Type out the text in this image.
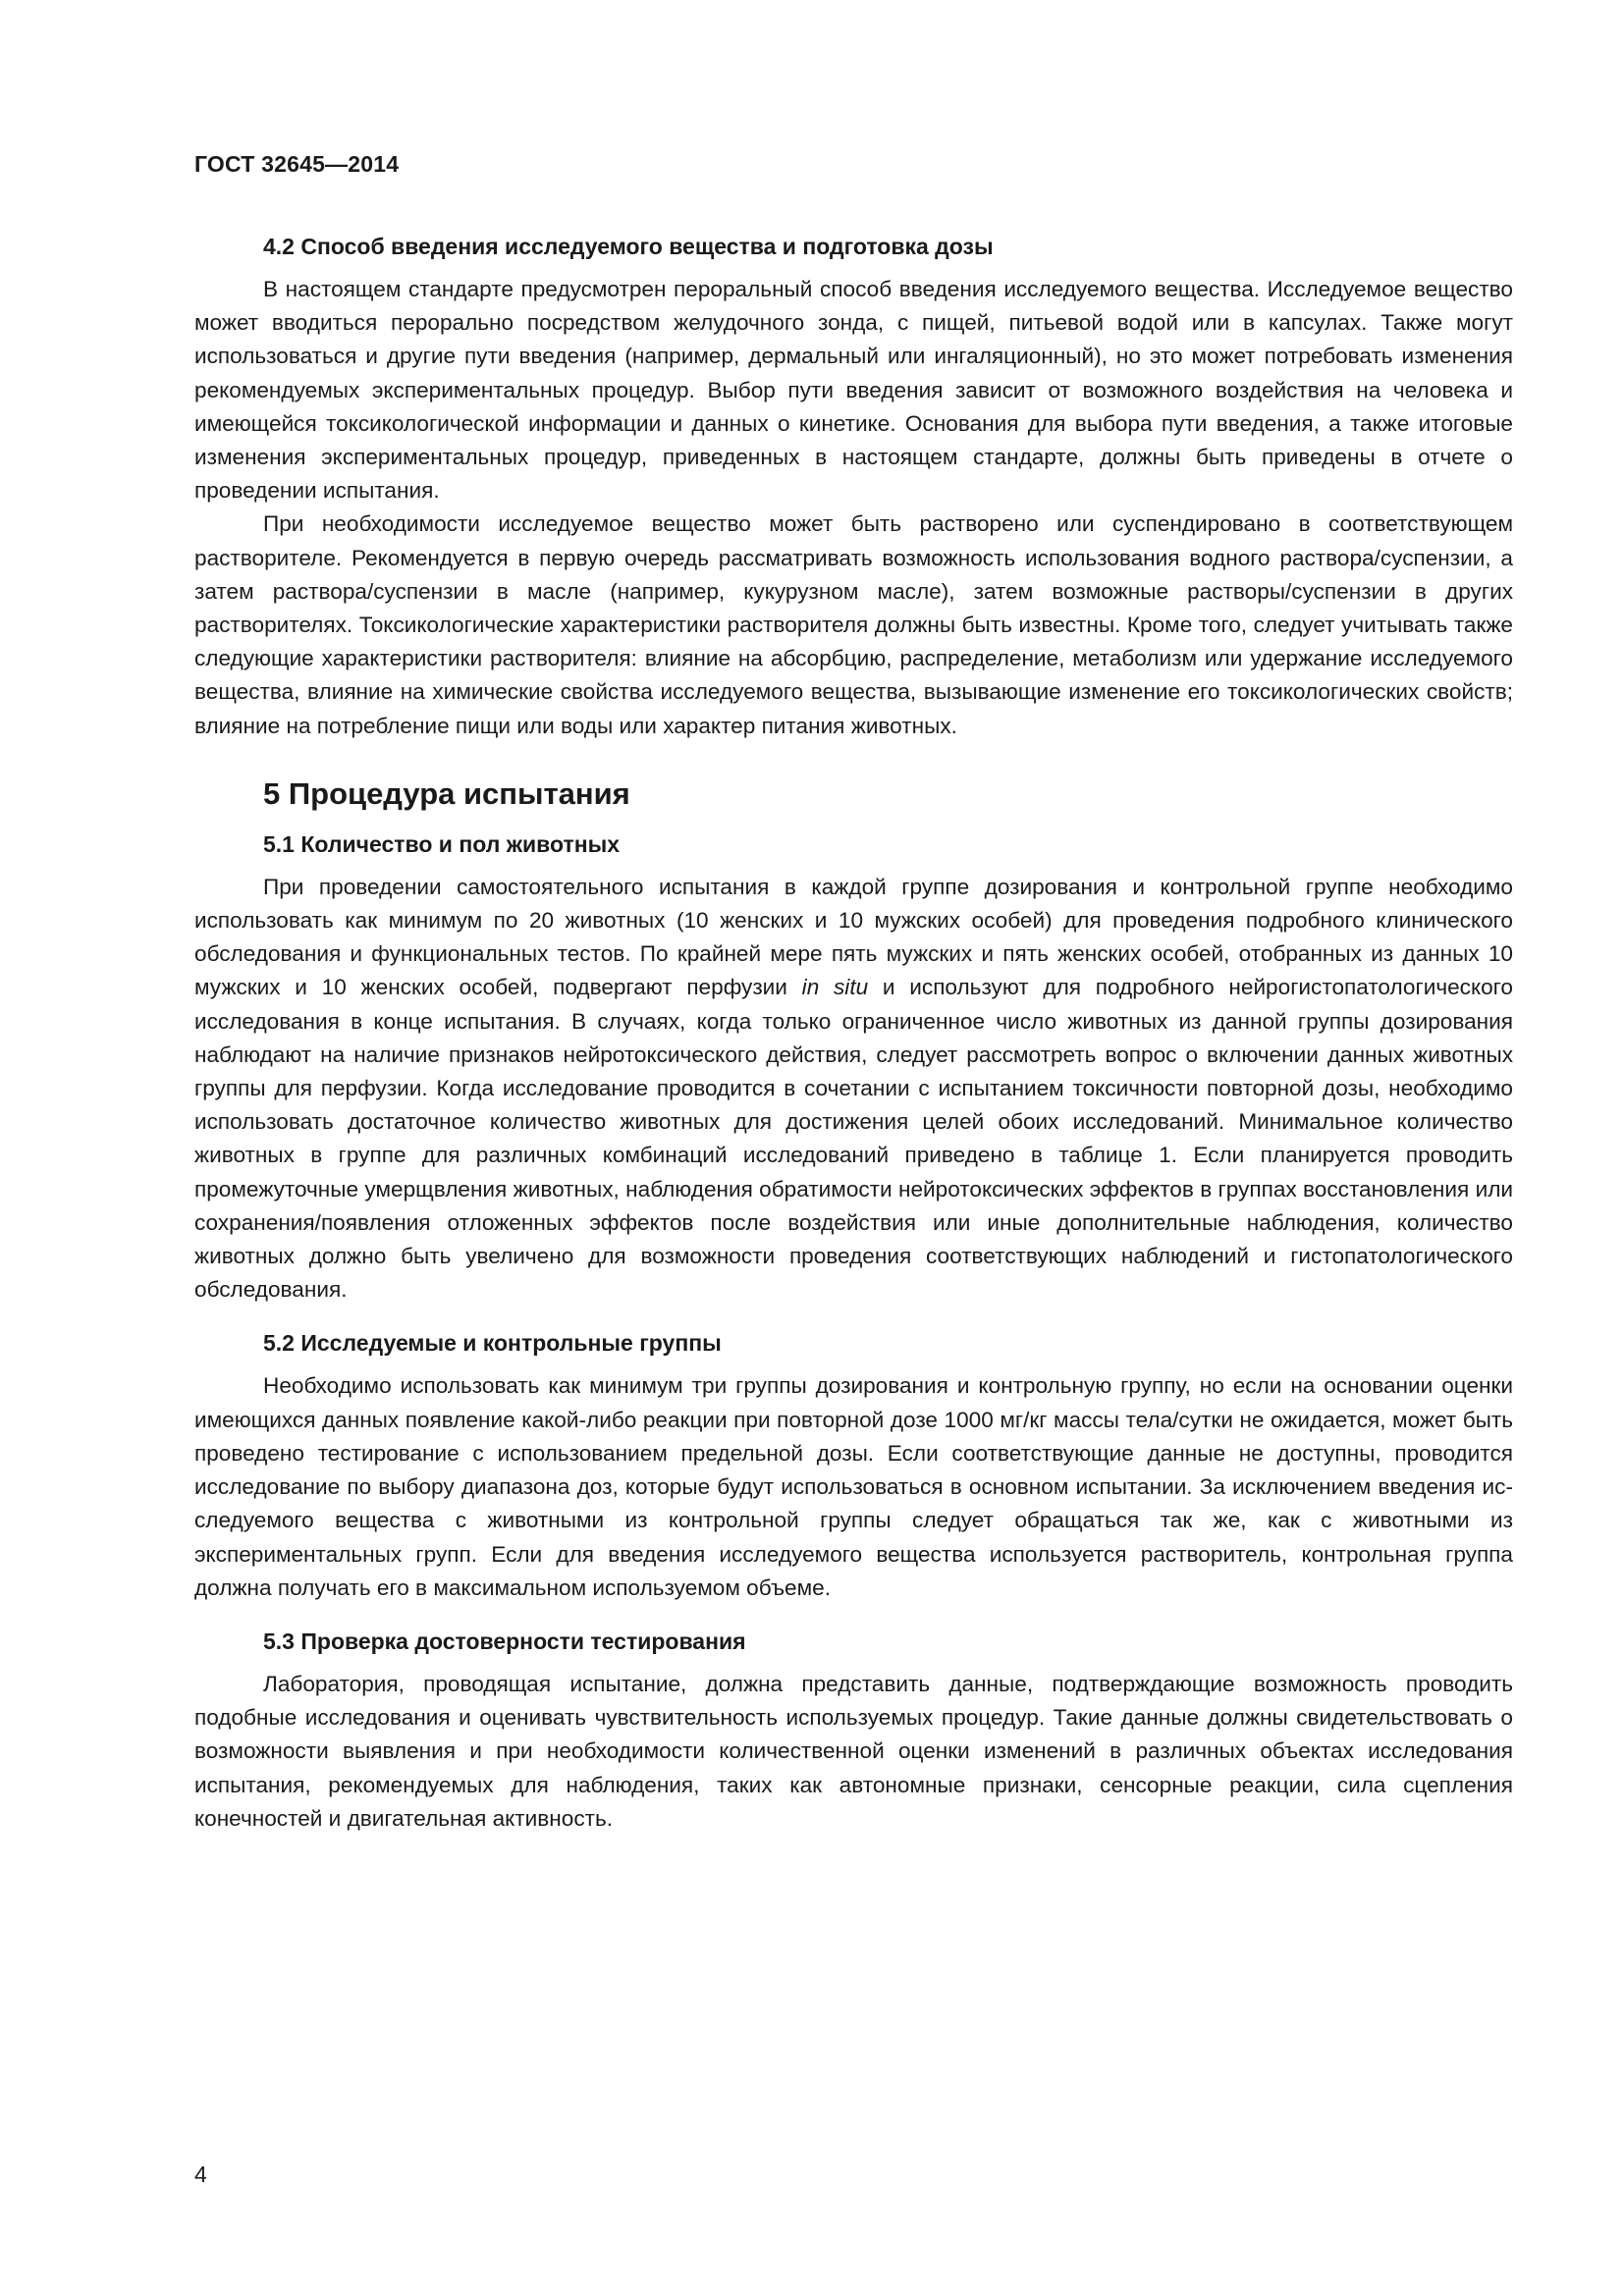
ГОСТ 32645—2014
4.2 Способ введения исследуемого вещества и подготовка дозы

В настоящем стандарте предусмотрен пероральный способ введения исследуемого вещества. Исследуемое вещество может вводиться перорально посредством желудочного зонда, с пищей, питьевой водой или в капсулах. Также могут использоваться и другие пути введения (например, дермальный или ингаляционный), но это может потребовать изменения рекомендуемых экспериментальных процедур. Выбор пути введения зависит от возможного воздействия на человека и имеющейся токсикологической информации и данных о кинетике. Основания для выбора пути введения, а также итоговые изменения экспериментальных процедур, приведенных в настоящем стандарте, должны быть приведены в отчете о проведении испытания.

При необходимости исследуемое вещество может быть растворено или суспендировано в соответствующем растворителе. Рекомендуется в первую очередь рассматривать возможность использования водного раствора/суспензии, а затем раствора/суспензии в масле (например, кукурузном масле), затем возможные растворы/суспензии в других растворителях. Токсикологические характеристики растворителя должны быть известны. Кроме того, следует учитывать также следующие характеристики растворителя: влияние на абсорбцию, распределение, метаболизм или удержание исследуемого вещества, влияние на химические свойства исследуемого вещества, вызывающие изменение его токсикологических свойств; влияние на потребление пищи или воды или характер питания животных.

5 Процедура испытания
5.1 Количество и пол животных

При проведении самостоятельного испытания в каждой группе дозирования и контрольной группе необходимо использовать как минимум по 20 животных (10 женских и 10 мужских особей) для проведения подробного клинического обследования и функциональных тестов. По крайней мере пять мужских и пять женских особей, отобранных из данных 10 мужских и 10 женских особей, подвергают перфузии in situ и используют для подробного нейрогистопатологического исследования в конце испытания. В случаях, когда только ограниченное число животных из данной группы дозирования наблюдают на наличие признаков нейротоксического действия, следует рассмотреть вопрос о включении данных животных группы для перфузии. Когда исследование проводится в сочетании с испытанием токсичности повторной дозы, необходимо использовать достаточное количество животных для достижения целей обоих исследований. Минимальное количество животных в группе для различных комбинаций исследований приведено в таблице 1. Если планируется проводить промежуточные умерщвления животных, наблюдения обратимости нейротоксических эффектов в группах восстановления или сохранения/появления отложенных эффектов после воздействия или иные дополнительные наблюдения, количество животных должно быть увеличено для возможности проведения соответствующих наблюдений и гистопатологического обследования.

5.2 Исследуемые и контрольные группы

Необходимо использовать как минимум три группы дозирования и контрольную группу, но если на основании оценки имеющихся данных появление какой-либо реакции при повторной дозе 1000 мг/кг массы тела/сутки не ожидается, может быть проведено тестирование с использованием предельной дозы. Если соответствующие данные не доступны, проводится исследование по выбору диапазона доз, которые будут использоваться в основном испытании. За исключением введения исследуемого вещества с животными из контрольной группы следует обращаться так же, как с животными из экспериментальных групп. Если для введения исследуемого вещества используется растворитель, контрольная группа должна получать его в максимальном используемом объеме.

5.3 Проверка достоверности тестирования

Лаборатория, проводящая испытание, должна представить данные, подтверждающие возможность проводить подобные исследования и оценивать чувствительность используемых процедур. Такие данные должны свидетельствовать о возможности выявления и при необходимости количественной оценки изменений в различных объектах исследования испытания, рекомендуемых для наблюдения, таких как автономные признаки, сенсорные реакции, сила сцепления конечностей и двигательная активность.

4
